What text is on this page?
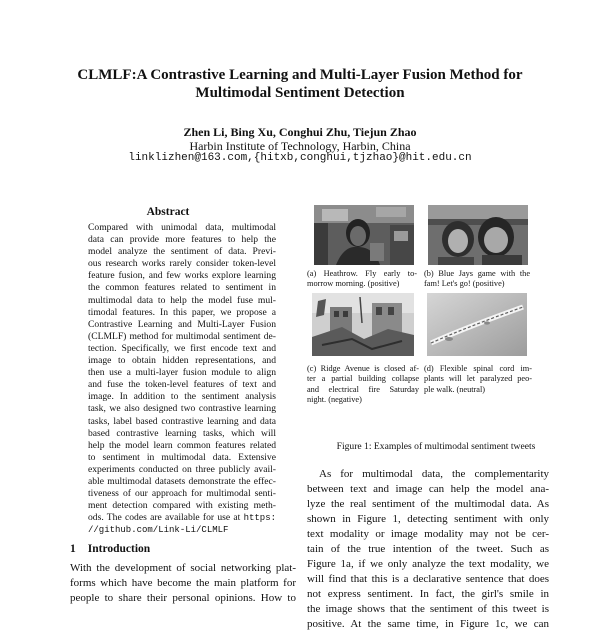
CLMLF:A Contrastive Learning and Multi-Layer Fusion Method for
Multimodal Sentiment Detection
Zhen Li, Bing Xu, Conghui Zhu, Tiejun Zhao
Harbin Institute of Technology, Harbin, China
linklizhen@163.com,{hitxb,conghui,tjzhao}@hit.edu.cn
Abstract
Compared with unimodal data, multimodal
data can provide more features to help the
model analyze the sentiment of data. Previ-
ous research works rarely consider token-level
feature fusion, and few works explore learning
the common features related to sentiment in
multimodal data to help the model fuse mul-
timodal features. In this paper, we propose a
Contrastive Learning and Multi-Layer Fusion
(CLMLF) method for multimodal sentiment de-
tection. Specifically, we first encode text and
image to obtain hidden representations, and
then use a multi-layer fusion module to align
and fuse the token-level features of text and
image. In addition to the sentiment analysis
task, we also designed two contrastive learning
tasks, label based contrastive learning and data
based contrastive learning tasks, which will
help the model learn common features related
to sentiment in multimodal data. Extensive
experiments conducted on three publicly avail-
able multimodal datasets demonstrate the effec-
tiveness of our approach for multimodal senti-
ment detection compared with existing meth-
ods. The codes are available for use at https:
//github.com/Link-Li/CLMLF
1 Introduction
With the development of social networking plat-
forms which have become the main platform for
people to share their personal opinions. How to
(a) Heathrow. Fly early to-
morrow morning. (positive)
(b) Blue Jays game with the
fam! Let's go! (positive)
(c) Ridge Avenue is closed af-
ter a partial building collapse
and electrical fire Saturday
night. (negative)
(d) Flexible spinal cord im-
plants will let paralyzed peo-
ple walk. (neutral)
Figure 1: Examples of multimodal sentiment tweets
As for multimodal data, the complementarity
between text and image can help the model ana-
lyze the real sentiment of the multimodal data. As
shown in Figure 1, detecting sentiment with only
text modality or image modality may not be cer-
tain of the true intention of the tweet. Such as
Figure 1a, if we only analyze the text modality, we
will find that this is a declarative sentence that does
not express sentiment. In fact, the girl's smile in
the image shows that the sentiment of this tweet is
positive. At the same time, in Figure 1c, we can
